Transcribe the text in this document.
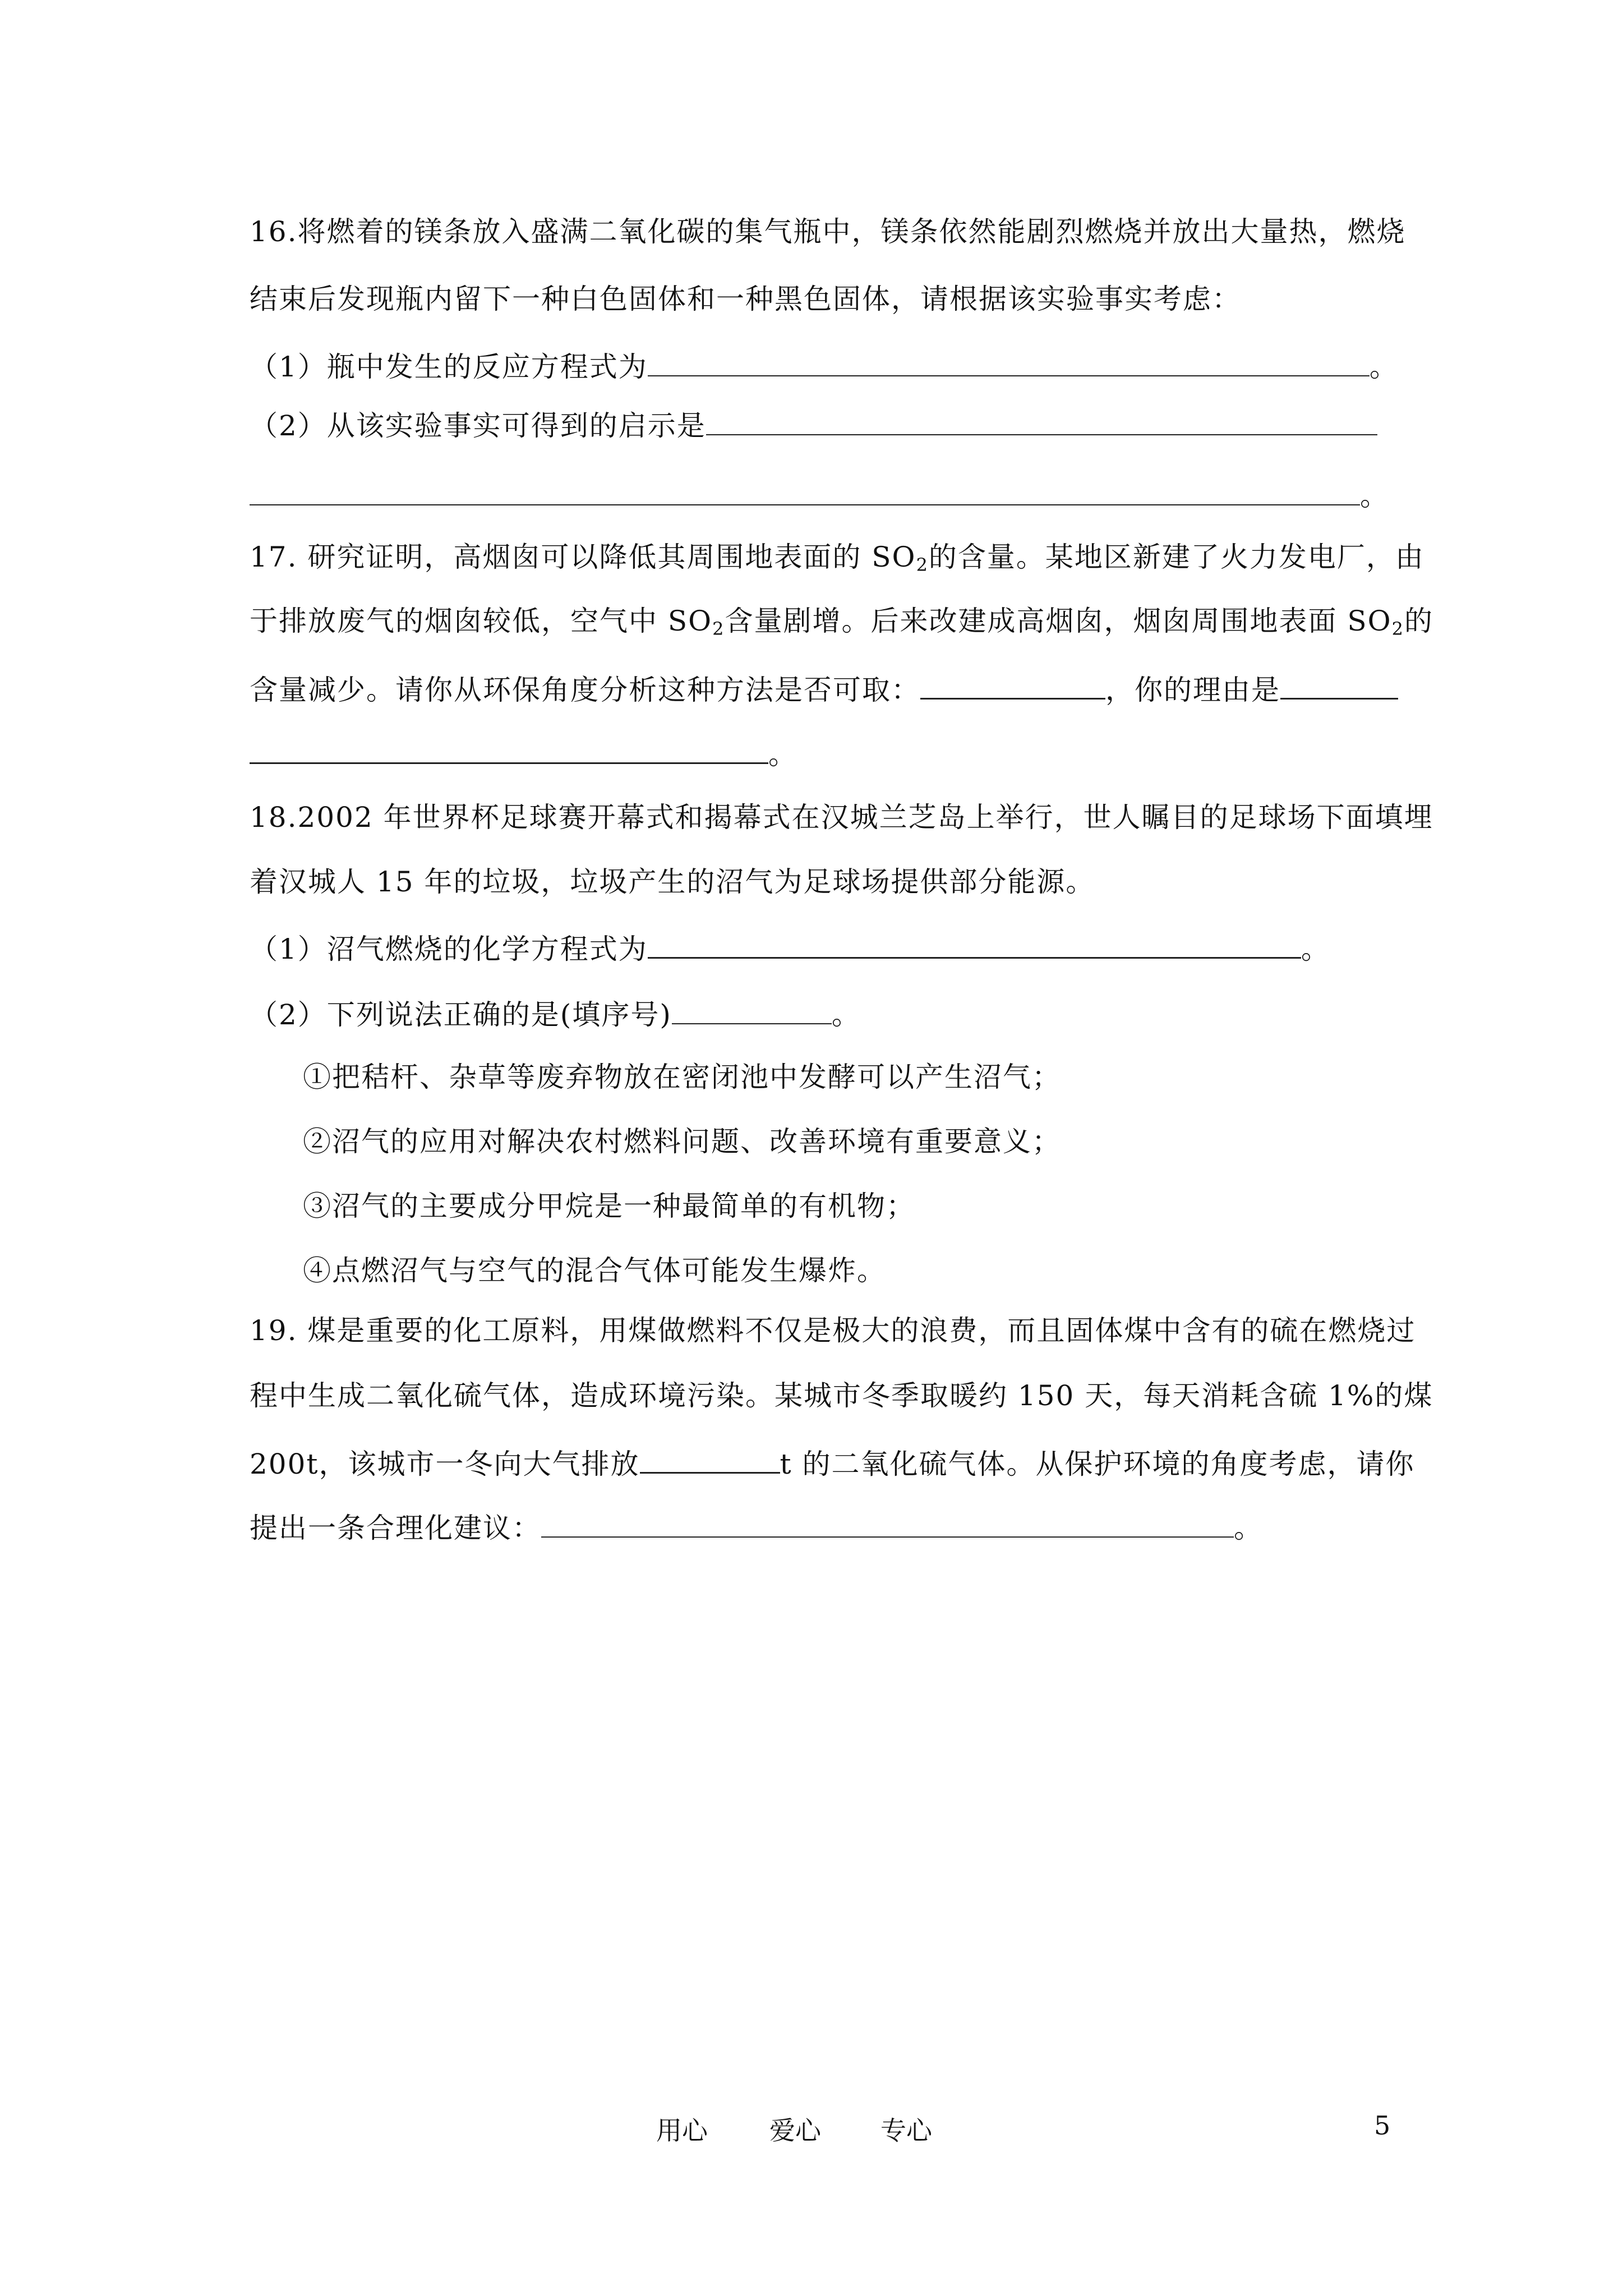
16.将燃着的镁条放入盛满二氧化碳的集气瓶中，镁条依然能剧烈燃烧并放出大量热，燃烧
结束后发现瓶内留下一种白色固体和一种黑色固体，请根据该实验事实考虑：
（1）瓶中发生的反应方程式为	。
（2）从该实验事实可得到的启示是
。
17. 研究证明，高烟囱可以降低其周围地表面的 $SO_2$的含量。某地区新建了火力发电厂，由
于排放废气的烟囱较低，空气中 $SO_2$含量剧增。后来改建成高烟囱，烟囱周围地表面 $SO_2$的
含量减少。请你从环保角度分析这种方法是否可取：	，你的理由是
。
18.2002 年世界杯足球赛开幕式和揭幕式在汉城兰芝岛上举行，世人瞩目的足球场下面填埋
着汉城人 15 年的垃圾，垃圾产生的沼气为足球场提供部分能源。
（1）沼气燃烧的化学方程式为	。
（2）下列说法正确的是(填序号)	。
①把秸杆、杂草等废弃物放在密闭池中发酵可以产生沼气；
②沼气的应用对解决农村燃料问题、改善环境有重要意义；
③沼气的主要成分甲烷是一种最简单的有机物；
④点燃沼气与空气的混合气体可能发生爆炸。
19. 煤是重要的化工原料，用煤做燃料不仅是极大的浪费，而且固体煤中含有的硫在燃烧过
程中生成二氧化硫气体，造成环境污染。某城市冬季取暖约 150 天，每天消耗含硫 1%的煤
200t，该城市一冬向大气排放	t 的二氧化硫气体。从保护环境的角度考虑，请你
提出一条合理化建议：	。
用心 爱心 专心	5
